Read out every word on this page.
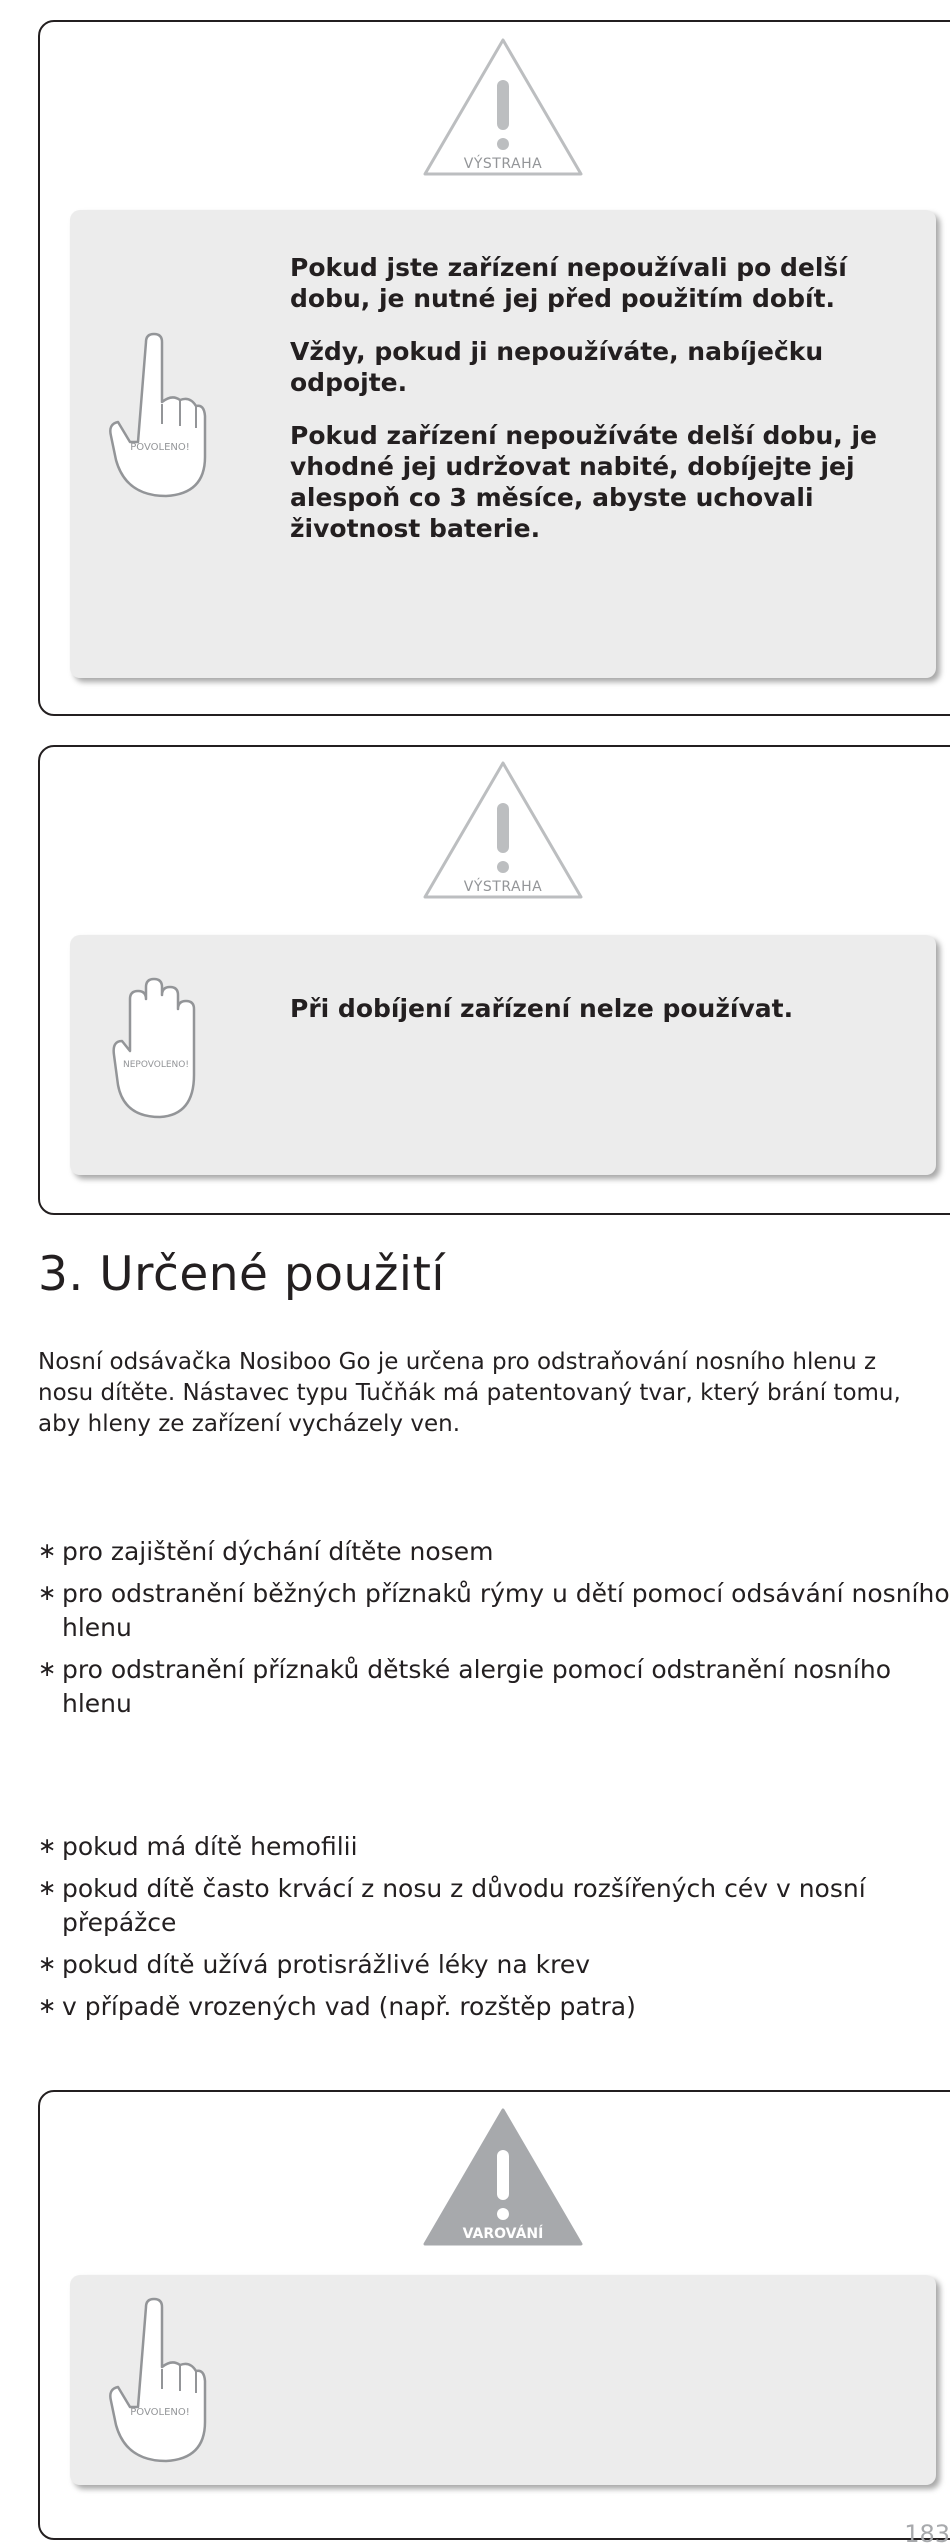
VÝSTRAHA
POVOLENO!

Pokud jste zařízení nepoužívali po delší dobu, je nutné jej před použitím dobít.

Vždy, pokud ji nepoužíváte, nabíječku odpojte.

Pokud zařízení nepoužíváte delší dobu, je vhodné jej udržovat nabité, dobíjejte jej alespoň co 3 měsíce, abyste uchovali životnost baterie.

VÝSTRAHA
NEPOVOLENO!

Při dobíjení zařízení nelze používat.

3. Určené použití

Nosní odsávačka Nosiboo Go je určena pro odstraňování nosního hlenu z nosu dítěte. Nástavec typu Tučňák má patentovaný tvar, který brání tomu, aby hleny ze zařízení vycházely ven.

∗ pro zajištění dýchání dítěte nosem
∗ pro odstranění běžných příznaků rýmy u dětí pomocí odsávání nosního hlenu
∗ pro odstranění příznaků dětské alergie pomocí odstranění nosního hlenu
∗ pokud má dítě hemofilii
∗ pokud dítě často krvácí z nosu z důvodu rozšířených cév v nosní přepážce
∗ pokud dítě užívá protisrážlivé léky na krev
∗ v případě vrozených vad (např. rozštěp patra)
VAROVÁNÍ
POVOLENO!
183
